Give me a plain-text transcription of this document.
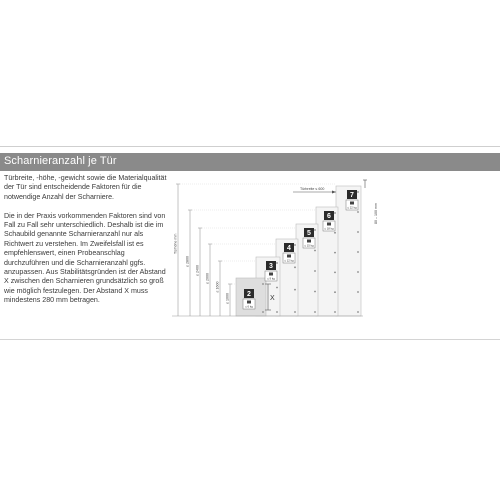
Scharnieranzahl je Tür

Türbreite, -höhe, -gewicht sowie die Materialqualität der Tür sind entscheidende Faktoren für die notwendige Anzahl der Scharniere.

Die in der Praxis vorkommenden Faktoren sind von Fall zu Fall sehr unterschiedlich. Deshalb ist die im Schaubild genannte Scharnieranzahl nur als Richtwert zu verstehen. Im Zweifelsfall ist es empfehlenswert, einen Probeanschlag durchzuführen und die Scharnieranzahl ggfs. anzupassen. Aus Stabilitätsgründen ist der Abstand X zwischen den Scharnieren grundsätzlich so groß wie möglich festzulegen. Der Abstand X muss mindestens 280 mm betragen.

2
≤ 6 kg
3
≤ 9 kg
4
≤ 12 kg
5
≤ 15 kg
6
≤ 18 kg
7
≤ 22 kg
X
≤ 1000
≤ 1600
≤ 2000
≤ 2400
≤ 2800
Türhöhe mm
Türbreite ≤ 600
80 – 100 mm
